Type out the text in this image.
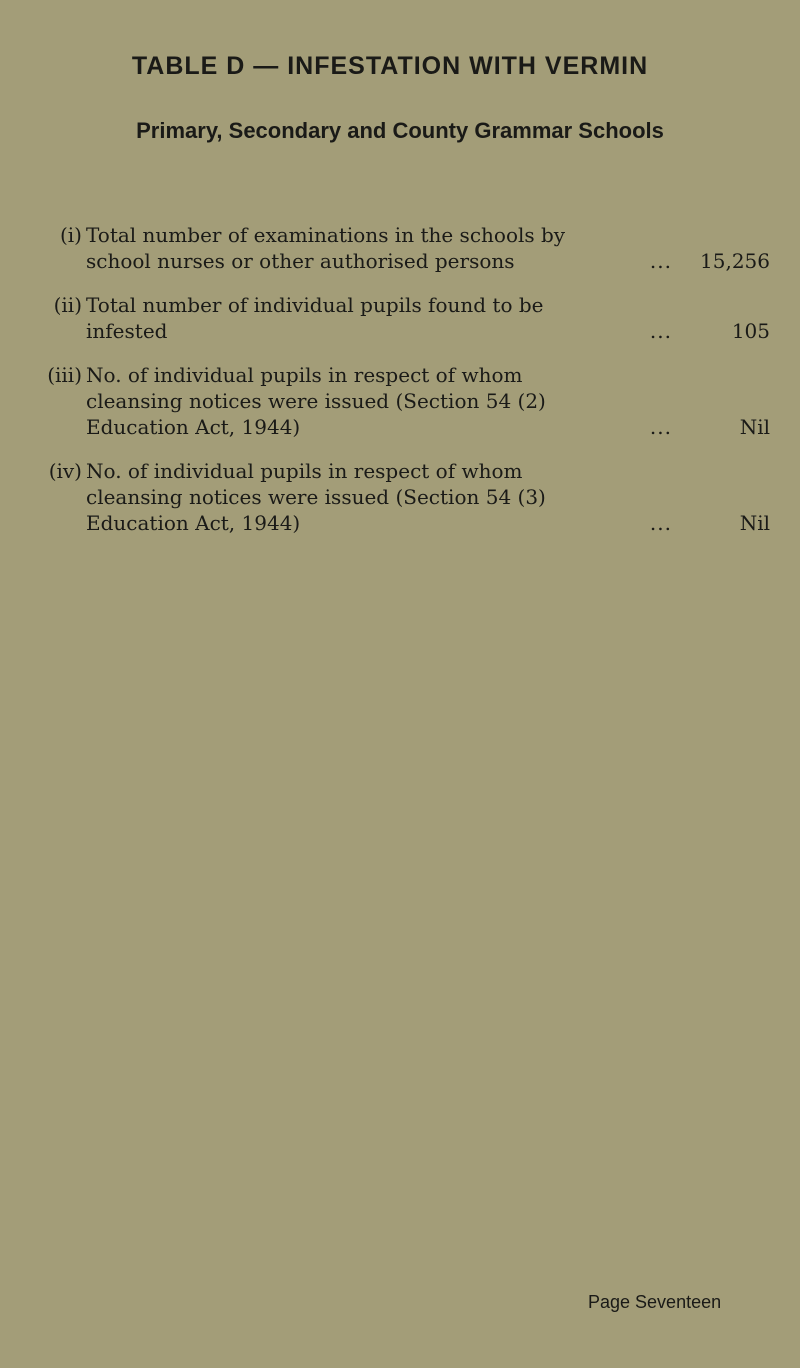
TABLE D — INFESTATION WITH VERMIN
Primary, Secondary and County Grammar Schools
(i) Total number of examinations in the schools by
school nurses or other authorised persons	...	15,256
(ii) Total number of individual pupils found to be
infested	...	105
(iii) No. of individual pupils in respect of whom
cleansing notices were issued (Section 54 (2)
Education Act, 1944)	...	Nil
(iv) No. of individual pupils in respect of whom
cleansing notices were issued (Section 54 (3)
Education Act, 1944)	...	Nil
Page Seventeen
